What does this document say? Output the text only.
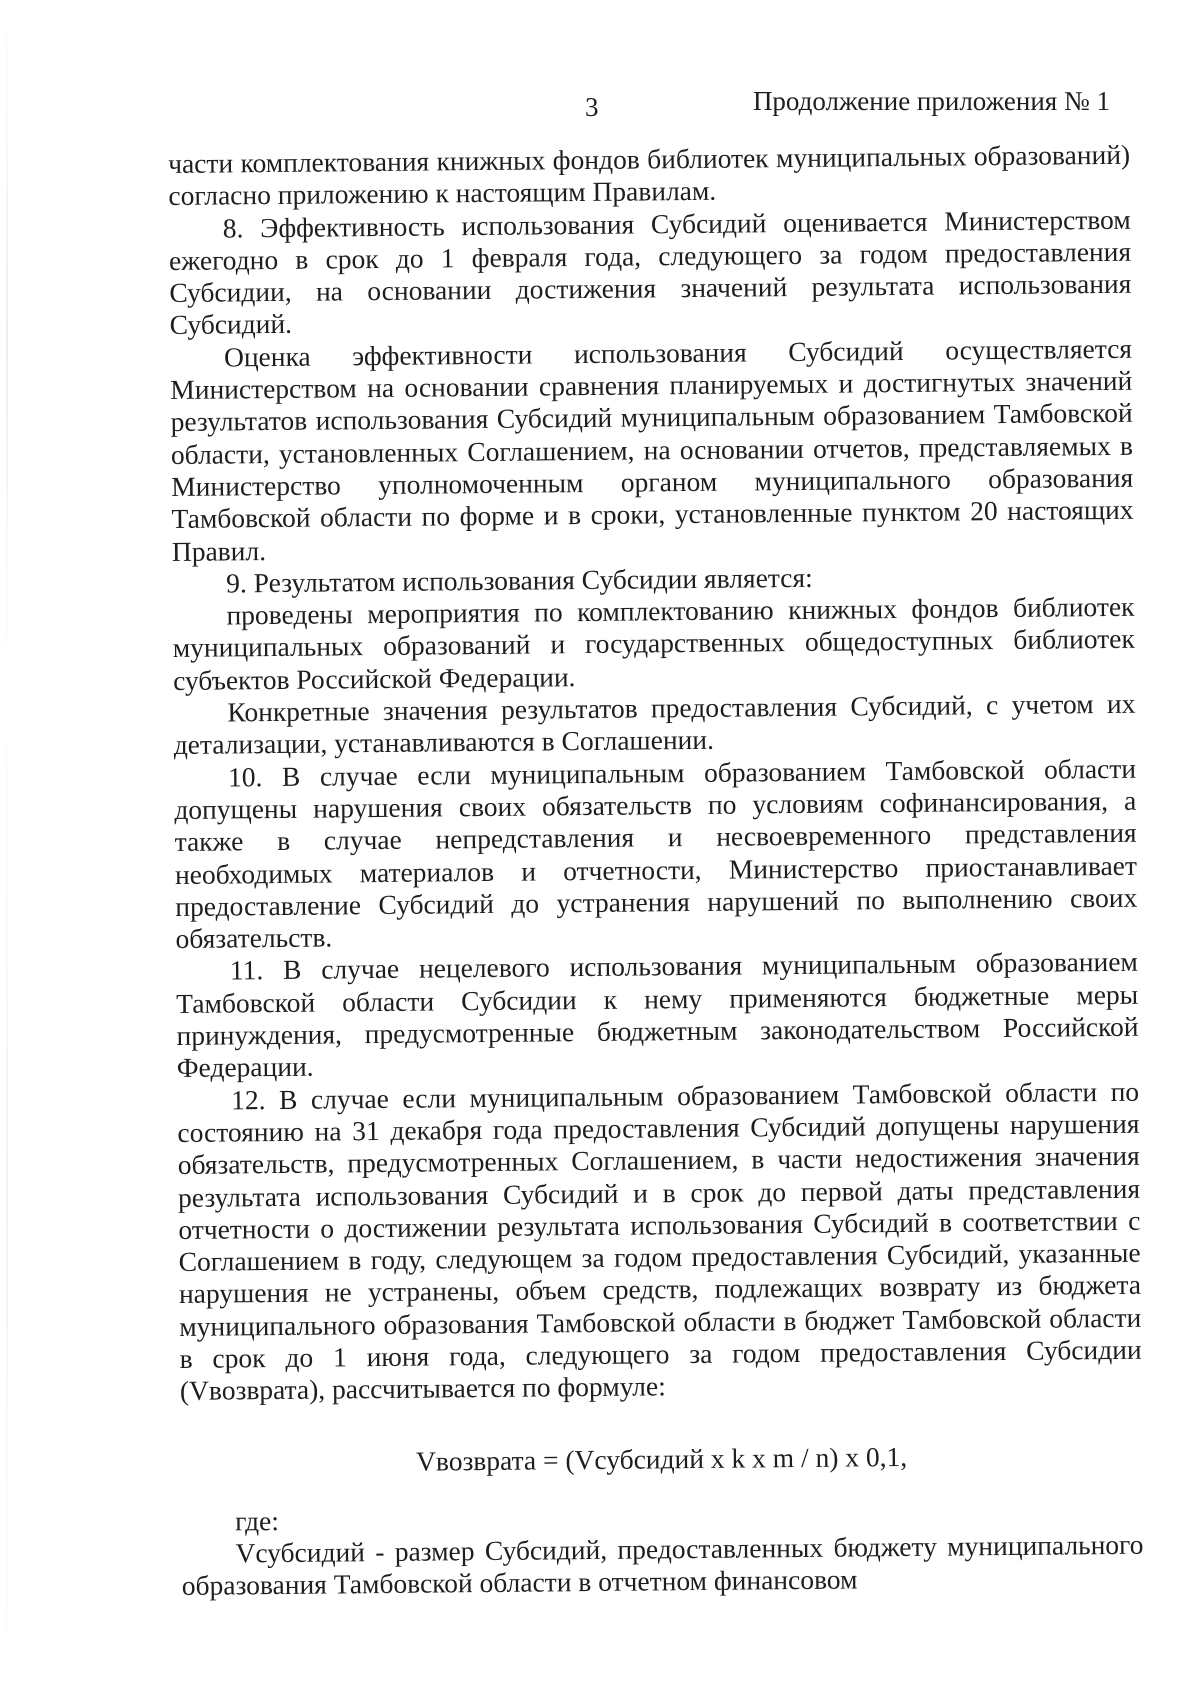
3	Продолжение приложения № 1

части комплектования книжных фондов библиотек муниципальных образований) согласно приложению к настоящим Правилам.

8. Эффективность использования Субсидий оценивается Министерством ежегодно в срок до 1 февраля года, следующего за годом предоставления Субсидии, на основании достижения значений результата использования Субсидий.

Оценка эффективности использования Субсидий осуществляется Министерством на основании сравнения планируемых и достигнутых значений результатов использования Субсидий муниципальным образованием Тамбовской области, установленных Соглашением, на основании отчетов, представляемых в Министерство уполномоченным органом муниципального образования Тамбовской области по форме и в сроки, установленные пунктом 20 настоящих Правил.

9. Результатом использования Субсидии является:

проведены мероприятия по комплектованию книжных фондов библиотек муниципальных образований и государственных общедоступных библиотек субъектов Российской Федерации.

Конкретные значения результатов предоставления Субсидий, с учетом их детализации, устанавливаются в Соглашении.

10. В случае если муниципальным образованием Тамбовской области допущены нарушения своих обязательств по условиям софинансирования, а также в случае непредставления и несвоевременного представления необходимых материалов и отчетности, Министерство приостанавливает предоставление Субсидий до устранения нарушений по выполнению своих обязательств.

11. В случае нецелевого использования муниципальным образованием Тамбовской области Субсидии к нему применяются бюджетные меры принуждения, предусмотренные бюджетным законодательством Российской Федерации.

12. В случае если муниципальным образованием Тамбовской области по состоянию на 31 декабря года предоставления Субсидий допущены нарушения обязательств, предусмотренных Соглашением, в части недостижения значения результата использования Субсидий и в срок до первой даты представления отчетности о достижении результата использования Субсидий в соответствии с Соглашением в году, следующем за годом предоставления Субсидий, указанные нарушения не устранены, объем средств, подлежащих возврату из бюджета муниципального образования Тамбовской области в бюджет Тамбовской области в срок до 1 июня года, следующего за годом предоставления Субсидии (Vвозврата), рассчитывается по формуле:

Vвозврата = (Vсубсидий x k x m / n) x 0,1,

где:

Vсубсидий - размер Субсидий, предоставленных бюджету муниципального образования Тамбовской области в отчетном финансовом
